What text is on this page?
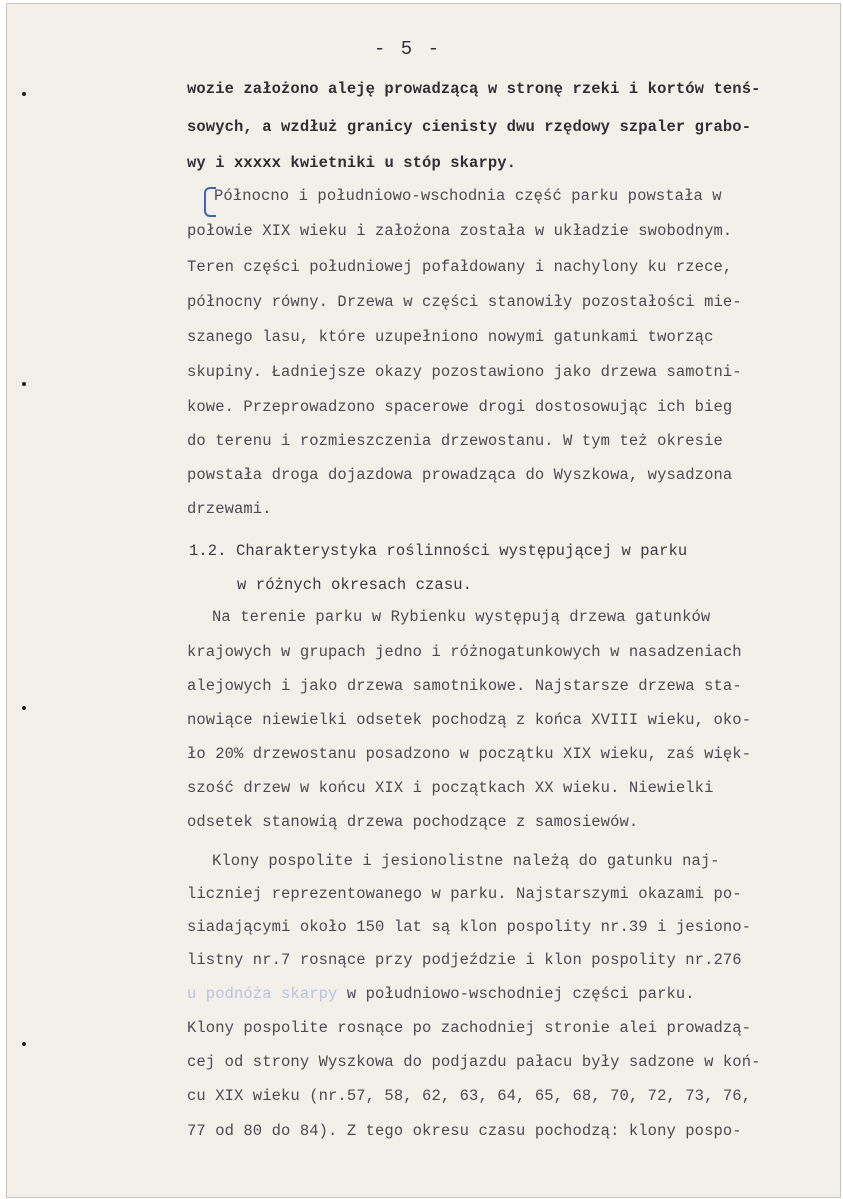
- 5 -
wozie założono aleję prowadzącą w stronę rzeki i kortów tenś-
sowych, a wzdłuż granicy cienisty dwu rzędowy szpaler grabo-
wy i xxxxx kwietniki u stóp skarpy.
Północno i południowo-wschodnia część parku powstała w
połowie XIX wieku i założona została w układzie swobodnym.
Teren części południowej pofałdowany i nachylony ku rzece,
północny równy. Drzewa w części stanowiły pozostałości mie-
szanego lasu, które uzupełniono nowymi gatunkami tworząc
skupiny. Ładniejsze okazy pozostawiono jako drzewa samotni-
kowe. Przeprowadzono spacerowe drogi dostosowując ich bieg
do terenu i rozmieszczenia drzewostanu. W tym też okresie
powstała droga dojazdowa prowadząca do Wyszkowa, wysadzona
drzewami.
1.2. Charakterystyka roślinności występującej w parku
w różnych okresach czasu.
Na terenie parku w Rybienku występują drzewa gatunków
krajowych w grupach jedno i różnogatunkowych w nasadzeniach
alejowych i jako drzewa samotnikowe. Najstarsze drzewa sta-
nowiące niewielki odsetek pochodzą z końca XVIII wieku, oko-
ło 20% drzewostanu posadzono w początku XIX wieku, zaś więk-
szość drzew w końcu XIX i początkach XX wieku. Niewielki
odsetek stanowią drzewa pochodzące z samosiewów.
Klony pospolite i jesionolistne należą do gatunku naj-
liczniej reprezentowanego w parku. Najstarszymi okazami po-
siadającymi około 150 lat są klon pospolity nr.39 i jesiono-
listny nr.7 rosnące przy podjeździe i klon pospolity nr.276
u podnóża skarpy w południowo-wschodniej części parku.
Klony pospolite rosnące po zachodniej stronie alei prowadzą-
cej od strony Wyszkowa do podjazdu pałacu były sadzone w koń-
cu XIX wieku (nr.57, 58, 62, 63, 64, 65, 68, 70, 72, 73, 76,
77 od 80 do 84). Z tego okresu czasu pochodzą: klony pospo-
